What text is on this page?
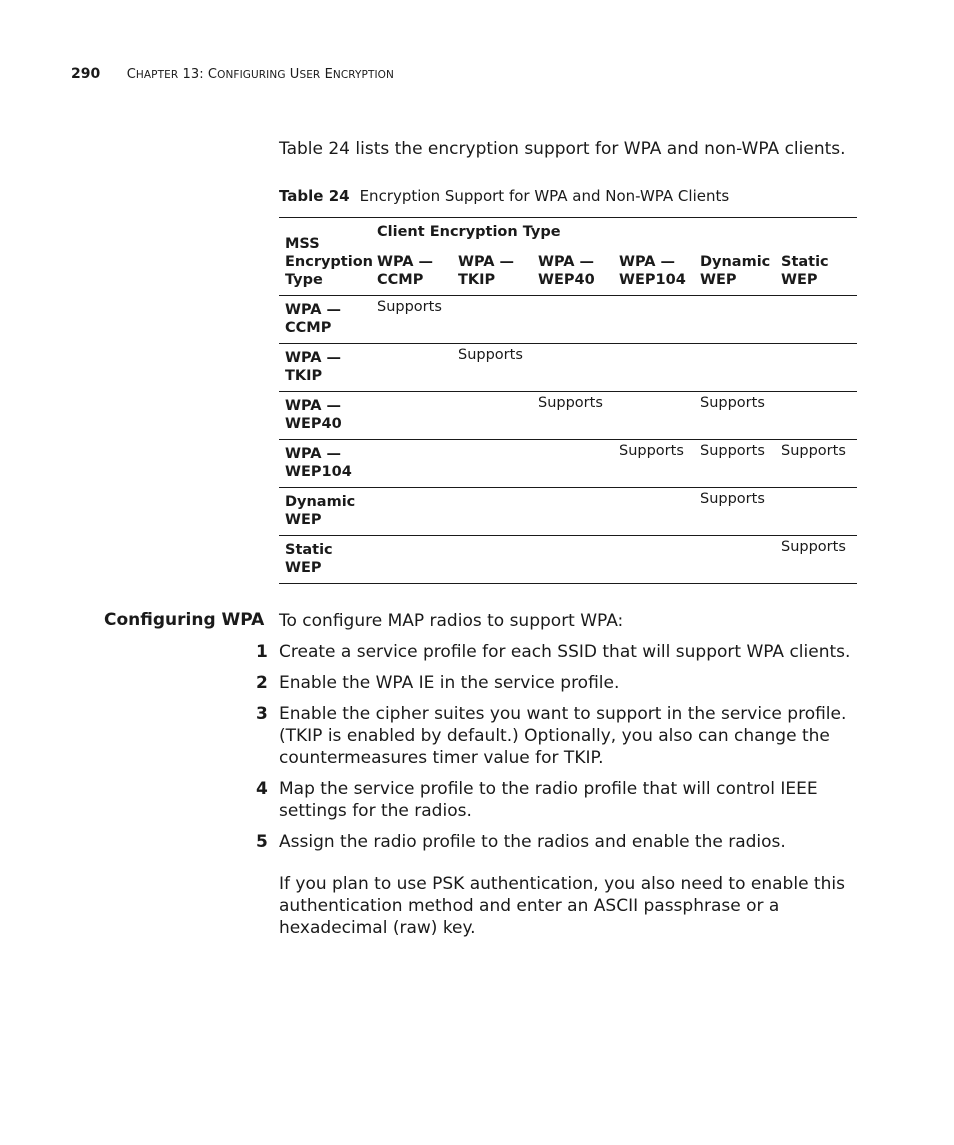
290 CHAPTER 13: CONFIGURING USER ENCRYPTION
Table 24 lists the encryption support for WPA and non-WPA clients.
Table 24 Encryption Support for WPA and Non-WPA Clients
MSS
Encryption
Type
Client Encryption Type
WPA —
CCMP
WPA —
TKIP
WPA —
WEP40
WPA —
WEP104
Dynamic
WEP
Static
WEP
WPA —
CCMP
Supports
WPA —
TKIP
Supports
WPA —
WEP40
Supports	Supports
WPA —
WEP104
Supports Supports Supports
Dynamic
WEP
Supports
Static
WEP
Supports
Configuring WPA To configure MAP radios to support WPA:
1 Create a service profile for each SSID that will support WPA clients.
2 Enable the WPA IE in the service profile.
3 Enable the cipher suites you want to support in the service profile. (TKIP is enabled by default.) Optionally, you also can change the countermeasures timer value for TKIP.
4 Map the service profile to the radio profile that will control IEEE settings for the radios.
5 Assign the radio profile to the radios and enable the radios.
If you plan to use PSK authentication, you also need to enable this authentication method and enter an ASCII passphrase or a hexadecimal (raw) key.
